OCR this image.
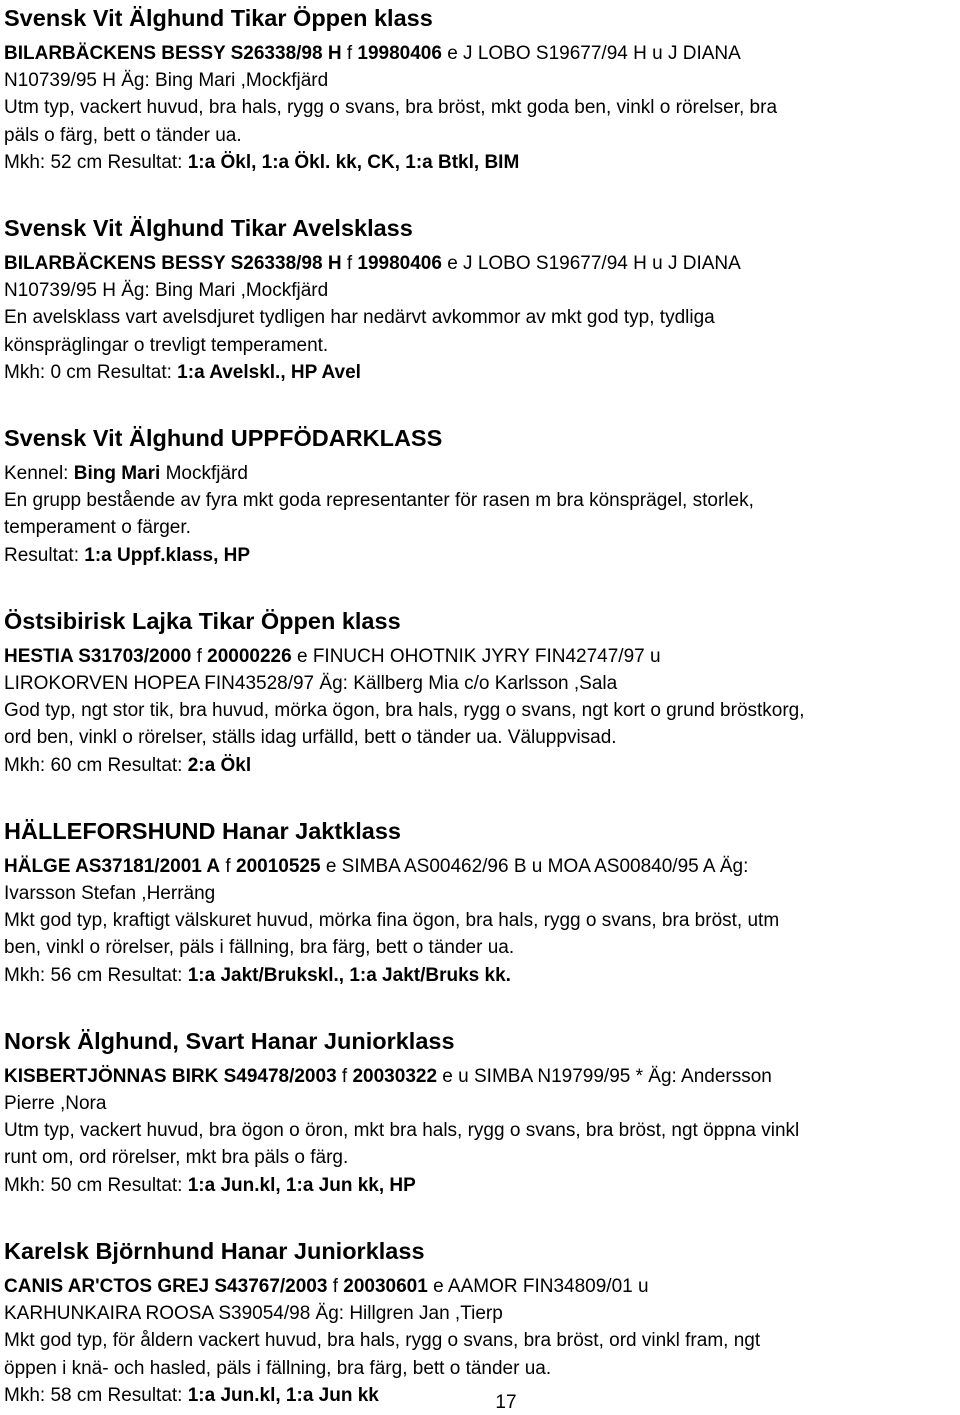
Svensk Vit Älghund Tikar Öppen klass
BILARBÄCKENS BESSY S26338/98 H f 19980406 e J LOBO S19677/94 H u J DIANA
N10739/95 H Äg: Bing Mari ,Mockfjärd
Utm typ, vackert huvud, bra hals, rygg o svans, bra bröst, mkt goda ben, vinkl o rörelser, bra
päls o färg, bett o tänder ua.
Mkh: 52 cm Resultat: 1:a Ökl, 1:a Ökl. kk, CK, 1:a Btkl, BIM
Svensk Vit Älghund Tikar Avelsklass
BILARBÄCKENS BESSY S26338/98 H f 19980406 e J LOBO S19677/94 H u J DIANA
N10739/95 H Äg: Bing Mari ,Mockfjärd
En avelsklass vart avelsdjuret tydligen har nedärvt avkommor av mkt god typ, tydliga
könspräglingar o trevligt temperament.
Mkh: 0 cm Resultat: 1:a Avelskl., HP Avel
Svensk Vit Älghund UPPFÖDARKLASS
Kennel: Bing Mari Mockfjärd
En grupp bestående av fyra mkt goda representanter för rasen m bra könsprägel, storlek,
temperament o färger.
Resultat: 1:a Uppf.klass, HP
Östsibirisk Lajka Tikar Öppen klass
HESTIA S31703/2000 f 20000226 e FINUCH OHOTNIK JYRY FIN42747/97 u
LIROKORVEN HOPEA FIN43528/97 Äg: Källberg Mia c/o Karlsson ,Sala
God typ, ngt stor tik, bra huvud, mörka ögon, bra hals, rygg o svans, ngt kort o grund bröstkorg,
ord ben, vinkl o rörelser, ställs idag urfälld, bett o tänder ua. Väluppvisad.
Mkh: 60 cm Resultat: 2:a Ökl
HÄLLEFORSHUND Hanar Jaktklass
HÄLGE AS37181/2001 A f 20010525 e SIMBA AS00462/96 B u MOA AS00840/95 A Äg:
Ivarsson Stefan ,Herräng
Mkt god typ, kraftigt välskuret huvud, mörka fina ögon, bra hals, rygg o svans, bra bröst, utm
ben, vinkl o rörelser, päls i fällning, bra färg, bett o tänder ua.
Mkh: 56 cm Resultat: 1:a Jakt/Brukskl., 1:a Jakt/Bruks kk.
Norsk Älghund, Svart Hanar Juniorklass
KISBERTJÖNNAS BIRK S49478/2003 f 20030322 e u SIMBA N19799/95 * Äg: Andersson
Pierre ,Nora
Utm typ, vackert huvud, bra ögon o öron, mkt bra hals, rygg o svans, bra bröst, ngt öppna vinkl
runt om, ord rörelser, mkt bra päls o färg.
Mkh: 50 cm Resultat: 1:a Jun.kl, 1:a Jun kk, HP
Karelsk Björnhund Hanar Juniorklass
CANIS AR'CTOS GREJ S43767/2003 f 20030601 e AAMOR FIN34809/01 u
KARHUNKAIRA ROOSA S39054/98 Äg: Hillgren Jan ,Tierp
Mkt god typ, för åldern vackert huvud, bra hals, rygg o svans, bra bröst, ord vinkl fram, ngt
öppen i knä- och hasled, päls i fällning, bra färg, bett o tänder ua.
Mkh: 58 cm Resultat: 1:a Jun.kl, 1:a Jun kk	17
